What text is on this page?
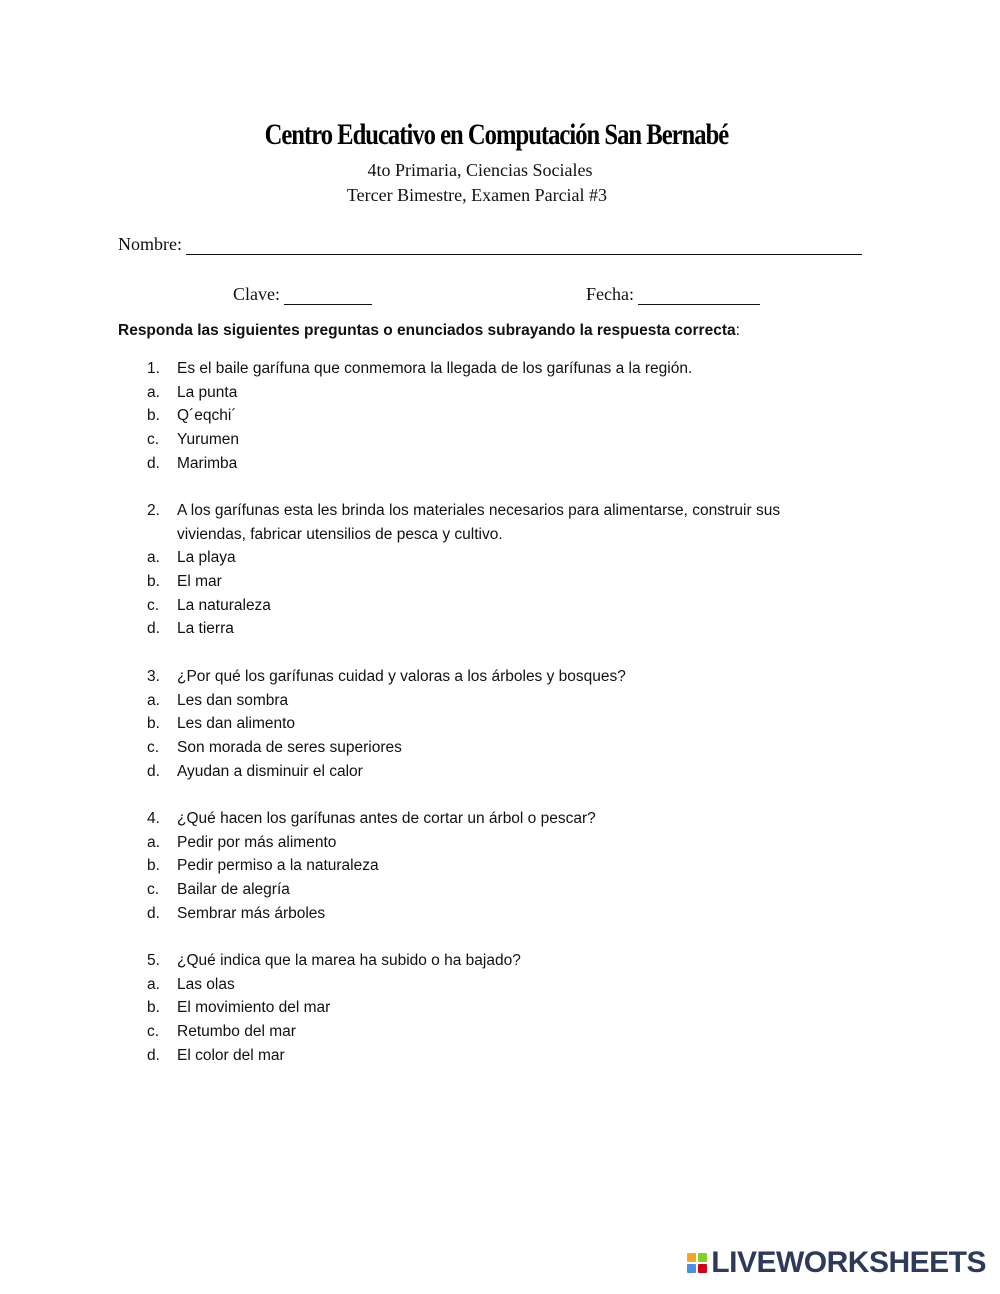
Centro Educativo en Computación San Bernabé
4to Primaria, Ciencias Sociales
Tercer Bimestre, Examen Parcial #3
Nombre:
Clave:	Fecha:
Responda las siguientes preguntas o enunciados subrayando la respuesta correcta:
1. Es el baile garífuna que conmemora la llegada de los garífunas a la región.
a. La punta
b. Q´eqchi´
c. Yurumen
d. Marimba
2. A los garífunas esta les brinda los materiales necesarios para alimentarse, construir sus
viviendas, fabricar utensilios de pesca y cultivo.
a. La playa
b. El mar
c. La naturaleza
d. La tierra
3. ¿Por qué los garífunas cuidad y valoras a los árboles y bosques?
a. Les dan sombra
b. Les dan alimento
c. Son morada de seres superiores
d. Ayudan a disminuir el calor
4. ¿Qué hacen los garífunas antes de cortar un árbol o pescar?
a. Pedir por más alimento
b. Pedir permiso a la naturaleza
c. Bailar de alegría
d. Sembrar más árboles
5. ¿Qué indica que la marea ha subido o ha bajado?
a. Las olas
b. El movimiento del mar
c. Retumbo del mar
d. El color del mar
LIVEWORKSHEETS
